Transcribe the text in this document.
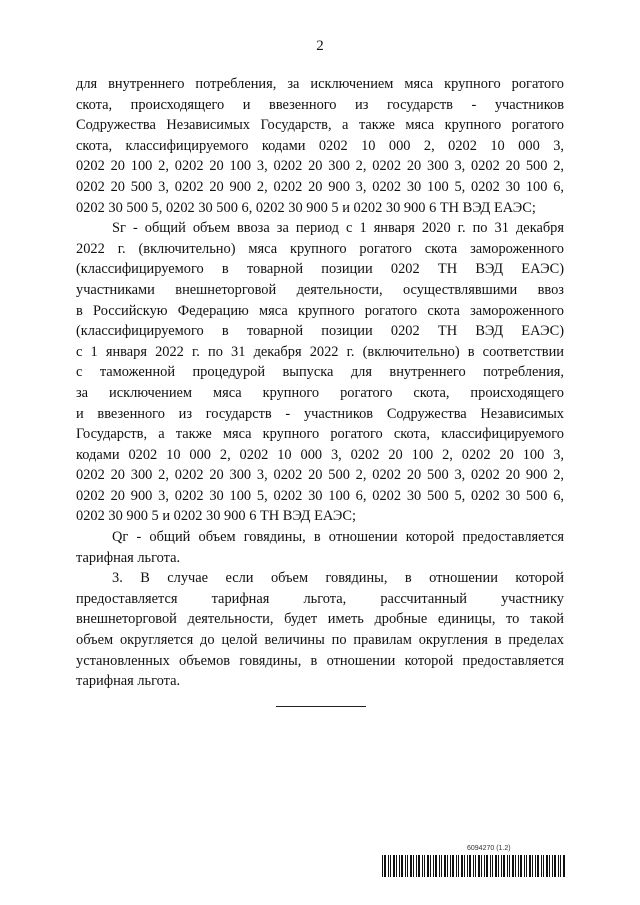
2
для внутреннего потребления, за исключением мяса крупного рогатого
скота, происходящего и ввезенного из государств - участников
Содружества Независимых Государств, а также мяса крупного рогатого
скота, классифицируемого кодами 0202 10 000 2, 0202 10 000 3,
0202 20 100 2, 0202 20 100 3, 0202 20 300 2, 0202 20 300 3, 0202 20 500 2,
0202 20 500 3, 0202 20 900 2, 0202 20 900 3, 0202 30 100 5, 0202 30 100 6,
0202 30 500 5, 0202 30 500 6, 0202 30 900 5 и 0202 30 900 6 ТН ВЭД ЕАЭС;
Sг - общий объем ввоза за период с 1 января 2020 г. по 31 декабря
2022 г. (включительно) мяса крупного рогатого скота замороженного
(классифицируемого в товарной позиции 0202 ТН ВЭД ЕАЭС)
участниками внешнеторговой деятельности, осуществлявшими ввоз
в Российскую Федерацию мяса крупного рогатого скота замороженного
(классифицируемого в товарной позиции 0202 ТН ВЭД ЕАЭС)
с 1 января 2022 г. по 31 декабря 2022 г. (включительно) в соответствии
с таможенной процедурой выпуска для внутреннего потребления,
за исключением мяса крупного рогатого скота, происходящего
и ввезенного из государств - участников Содружества Независимых
Государств, а также мяса крупного рогатого скота, классифицируемого
кодами 0202 10 000 2, 0202 10 000 3, 0202 20 100 2, 0202 20 100 3,
0202 20 300 2, 0202 20 300 3, 0202 20 500 2, 0202 20 500 3, 0202 20 900 2,
0202 20 900 3, 0202 30 100 5, 0202 30 100 6, 0202 30 500 5, 0202 30 500 6,
0202 30 900 5 и 0202 30 900 6 ТН ВЭД ЕАЭС;
Qг - общий объем говядины, в отношении которой предоставляется
тарифная льгота.
3. В случае если объем говядины, в отношении которой
предоставляется тарифная льгота, рассчитанный участнику
внешнеторговой деятельности, будет иметь дробные единицы, то такой
объем округляется до целой величины по правилам округления в пределах
установленных объемов говядины, в отношении которой предоставляется
тарифная льгота.
6094270 (1.2)
